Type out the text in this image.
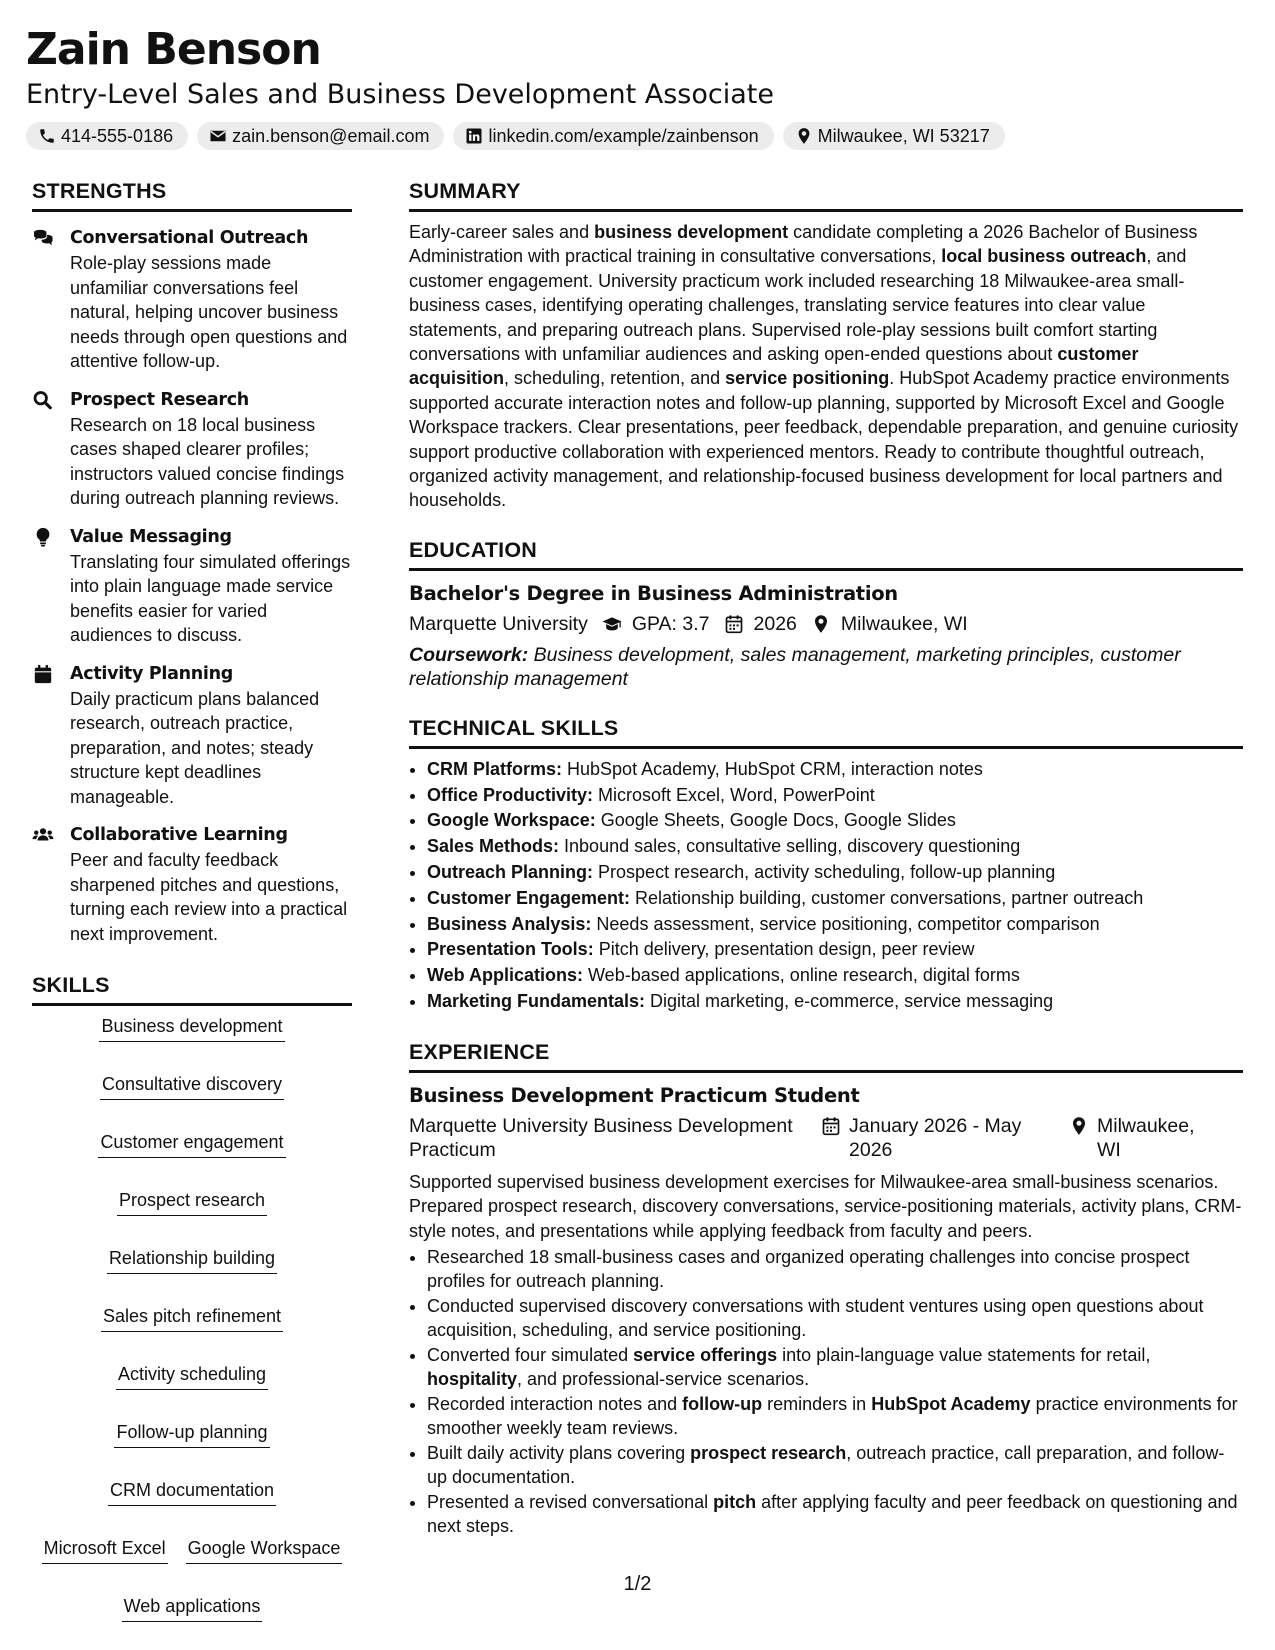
Zain Benson
Entry-Level Sales and Business Development Associate
414-555-0186	zain.benson@email.com	linkedin.com/example/zainbenson	Milwaukee, WI 53217
STRENGTHS
Conversational Outreach
Role-play sessions made unfamiliar conversations feel natural, helping uncover business needs through open questions and attentive follow-up.
Prospect Research
Research on 18 local business cases shaped clearer profiles; instructors valued concise findings during outreach planning reviews.
Value Messaging
Translating four simulated offerings into plain language made service benefits easier for varied audiences to discuss.
Activity Planning
Daily practicum plans balanced research, outreach practice, preparation, and notes; steady structure kept deadlines manageable.
Collaborative Learning
Peer and faculty feedback sharpened pitches and questions, turning each review into a practical next improvement.
SKILLS
Business development
Consultative discovery
Customer engagement
Prospect research
Relationship building
Sales pitch refinement
Activity scheduling
Follow-up planning
CRM documentation
Microsoft Excel Google Workspace
Web applications
SUMMARY
Early-career sales and business development candidate completing a 2026 Bachelor of Business Administration with practical training in consultative conversations, local business outreach, and customer engagement. University practicum work included researching 18 Milwaukee-area small-business cases, identifying operating challenges, translating service features into clear value statements, and preparing outreach plans. Supervised role-play sessions built comfort starting conversations with unfamiliar audiences and asking open-ended questions about customer acquisition, scheduling, retention, and service positioning. HubSpot Academy practice environments supported accurate interaction notes and follow-up planning, supported by Microsoft Excel and Google Workspace trackers. Clear presentations, peer feedback, dependable preparation, and genuine curiosity support productive collaboration with experienced mentors. Ready to contribute thoughtful outreach, organized activity management, and relationship-focused business development for local partners and households.
EDUCATION
Bachelor's Degree in Business Administration
Marquette University GPA: 3.7 2026 Milwaukee, WI
Coursework: Business development, sales management, marketing principles, customer relationship management
TECHNICAL SKILLS
• CRM Platforms: HubSpot Academy, HubSpot CRM, interaction notes
• Office Productivity: Microsoft Excel, Word, PowerPoint
• Google Workspace: Google Sheets, Google Docs, Google Slides
• Sales Methods: Inbound sales, consultative selling, discovery questioning
• Outreach Planning: Prospect research, activity scheduling, follow-up planning
• Customer Engagement: Relationship building, customer conversations, partner outreach
• Business Analysis: Needs assessment, service positioning, competitor comparison
• Presentation Tools: Pitch delivery, presentation design, peer review
• Web Applications: Web-based applications, online research, digital forms
• Marketing Fundamentals: Digital marketing, e-commerce, service messaging
EXPERIENCE
Business Development Practicum Student
Marquette University Business Development Practicum
January 2026 - May 2026
Milwaukee, WI
Supported supervised business development exercises for Milwaukee-area small-business scenarios. Prepared prospect research, discovery conversations, service-positioning materials, activity plans, CRM-style notes, and presentations while applying feedback from faculty and peers.
• Researched 18 small-business cases and organized operating challenges into concise prospect profiles for outreach planning.
• Conducted supervised discovery conversations with student ventures using open questions about acquisition, scheduling, and service positioning.
• Converted four simulated service offerings into plain-language value statements for retail, hospitality, and professional-service scenarios.
• Recorded interaction notes and follow-up reminders in HubSpot Academy practice environments for smoother weekly team reviews.
• Built daily activity plans covering prospect research, outreach practice, call preparation, and follow-up documentation.
• Presented a revised conversational pitch after applying faculty and peer feedback on questioning and next steps.
1/2
